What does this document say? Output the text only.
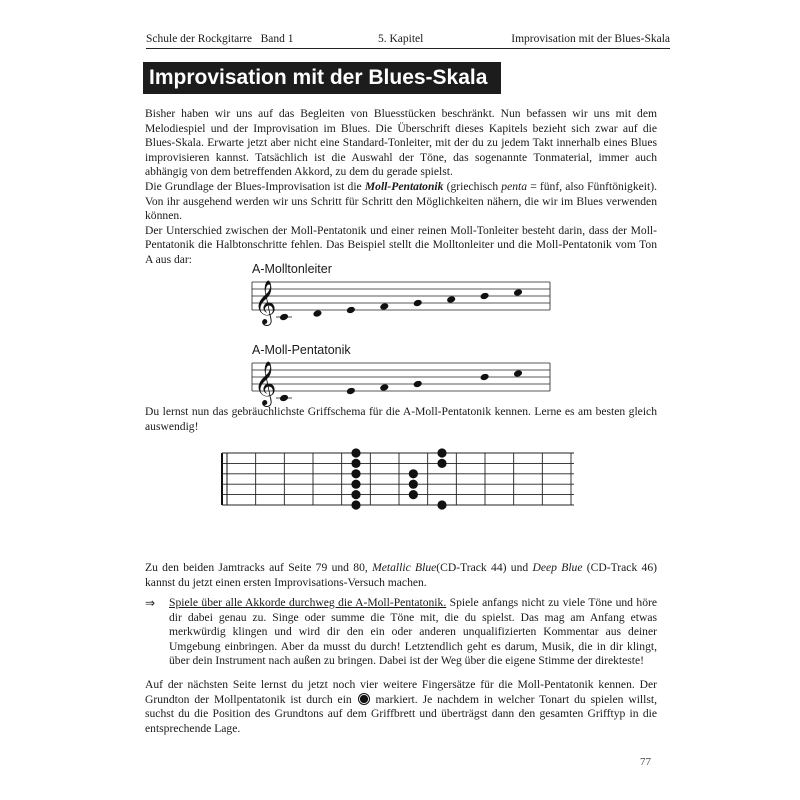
Schule der Rockgitarre Band 1	5. Kapitel	Improvisation mit der Blues-Skala
Improvisation mit der Blues-Skala

Bisher haben wir uns auf das Begleiten von Bluesstücken beschränkt. Nun befassen wir uns mit dem Melodiespiel und der Improvisation im Blues. Die Überschrift dieses Kapitels bezieht sich zwar auf die Blues-Skala. Erwarte jetzt aber nicht eine Standard-Tonleiter, mit der du zu jedem Takt innerhalb eines Blues improvisieren kannst. Tatsächlich ist die Auswahl der Töne, das sogenannte Tonmaterial, immer auch abhängig von dem betreffenden Akkord, zu dem du gerade spielst.

Die Grundlage der Blues-Improvisation ist die Moll-Pentatonik (griechisch penta = fünf, also Fünftönigkeit). Von ihr ausgehend werden wir uns Schritt für Schritt den Möglichkeiten nähern, die wir im Blues verwenden können.

Der Unterschied zwischen der Moll-Pentatonik und einer reinen Moll-Tonleiter besteht darin, dass der Moll-Pentatonik die Halbtonschritte fehlen. Das Beispiel stellt die Molltonleiter und die Moll-Pentatonik vom Ton A aus dar:

A-Molltonleiter
𝄞
A-Moll-Pentatonik
𝄞

Du lernst nun das gebräuchlichste Griffschema für die A-Moll-Pentatonik kennen. Lerne es am besten gleich auswendig!

Zu den beiden Jamtracks auf Seite 79 und 80, Metallic Blue(CD-Track 44) und Deep Blue (CD-Track 46) kannst du jetzt einen ersten Improvisations-Versuch machen.

⇒ Spiele über alle Akkorde durchweg die A-Moll-Pentatonik. Spiele anfangs nicht zu viele Töne und höre dir dabei genau zu. Singe oder summe die Töne mit, die du spielst. Das mag am Anfang etwas merkwürdig klingen und wird dir den ein oder anderen unqualifizierten Kommentar aus deiner Umgebung einbringen. Aber da musst du durch! Letztendlich geht es darum, Musik, die in dir klingt, über dein Instrument nach außen zu bringen. Dabei ist der Weg über die eigene Stimme der direkteste!

Auf der nächsten Seite lernst du jetzt noch vier weitere Fingersätze für die Moll-Pentatonik kennen. Der Grundton der Mollpentatonik ist durch ein  markiert. Je nachdem in welcher Tonart du spielen willst, suchst du die Position des Grundtons auf dem Griffbrett und überträgst dann den gesamten Grifftyp in die entsprechende Lage.

77
